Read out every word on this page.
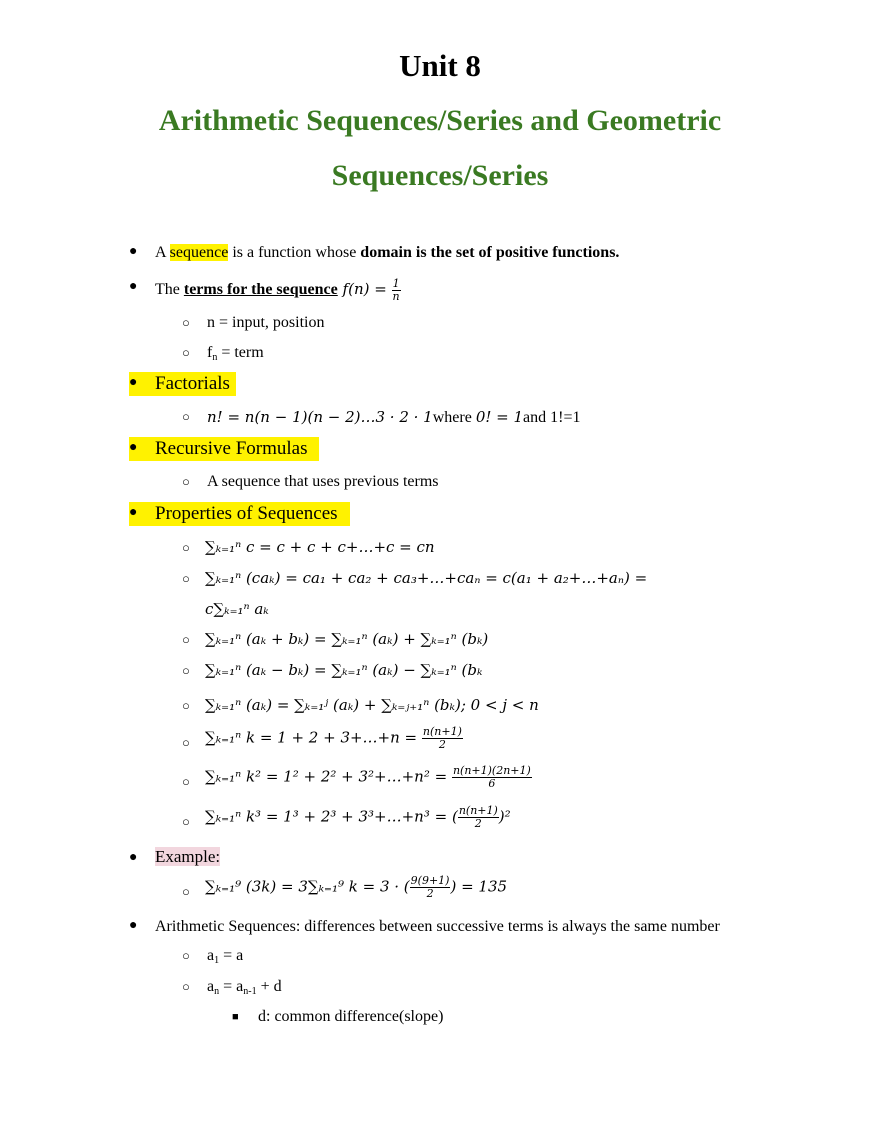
Unit 8
Arithmetic Sequences/Series and Geometric
Sequences/Series
● A sequence is a function whose domain is the set of positive functions.
● The terms for the sequence $f(n) = \frac{1}{n}$
○ n = input, position
○ $f_n$ = term
● Factorials
○ n! = n(n − 1)(n − 2)…3 · 2 · 1where 0! = 1and 1!=1
● Recursive Formulas
○ A sequence that uses previous terms
● Properties of Sequences
○ ∑ₖ₌₁ⁿ c = c + c + c+…+c = cn
○ ∑ₖ₌₁ⁿ (caₖ) = ca₁ + ca₂ + ca₃+…+caₙ = c(a₁ + a₂+…+aₙ) =
c∑ₖ₌₁ⁿ aₖ
○ ∑ₖ₌₁ⁿ (aₖ + bₖ) = ∑ₖ₌₁ⁿ (aₖ) + ∑ₖ₌₁ⁿ (bₖ)
○ ∑ₖ₌₁ⁿ (aₖ − bₖ) = ∑ₖ₌₁ⁿ (aₖ) − ∑ₖ₌₁ⁿ (bₖ
○ ∑ₖ₌₁ⁿ (aₖ) = ∑ₖ₌₁ʲ (aₖ) + ∑ₖ₌ⱼ₊₁ⁿ (bₖ); 0 < j < n
○ ∑ₖ₌₁ⁿ k = 1 + 2 + 3+…+n = $\frac{n(n+1)}{2}$
○ ∑ₖ₌₁ⁿ k² = 1² + 2² + 3²+…+n² = $\frac{n(n+1)(2n+1)}{6}$
○ ∑ₖ₌₁ⁿ k³ = 1³ + 2³ + 3³+…+n³ = ( $\frac{n(n+1)}{2} )^2$
● Example:
○ ∑ₖ₌₁⁹ (3k) = 3∑ₖ₌₁⁹ k = 3 · ( $\frac{9(9+1)}{2}$ ) = 135
● Arithmetic Sequences: differences between successive terms is always the same number
○ $a_1 = a$
○ $a_n = a_{n-1} + d$
■ d: common difference(slope)
